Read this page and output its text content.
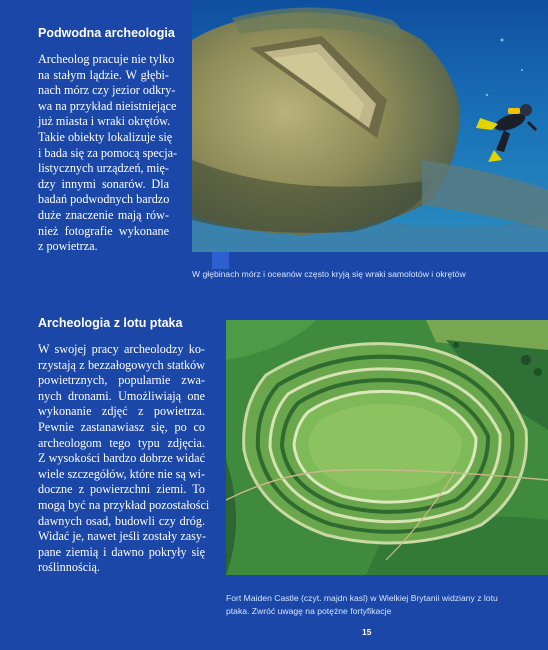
Podwodna archeologia
Archeolog pracuje nie tylko
na stałym lądzie. W głębi-
nach mórz czy jezior odkry-
wa na przykład nieistniejące
już miasta i wraki okrętów.
Takie obiekty lokalizuje się
i bada się za pomocą specja-
listycznych urządzeń, mię-
dzy innymi sonarów. Dla
badań podwodnych bardzo
duże znaczenie mają rów-
nież fotografie wykonane
z powietrza.
W głębinach mórz i oceanów często kryją się wraki samolotów i okrętów
Archeologia z lotu ptaka
W swojej pracy archeolodzy ko-
rzystają z bezzałogowych statków
powietrznych, popularnie zwa-
nych dronami. Umożliwiają one
wykonanie zdjęć z powietrza.
Pewnie zastanawiasz się, po co
archeologom tego typu zdjęcia.
Z wysokości bardzo dobrze widać
wiele szczegółów, które nie są wi-
doczne z powierzchni ziemi. To
mogą być na przykład pozostałości
dawnych osad, budowli czy dróg.
Widać je, nawet jeśli zostały zasy-
pane ziemią i dawno pokryły się
roślinnością.
Fort Maiden Castle (czyt. majdn kasl) w Wielkiej Brytanii widziany z lotu
ptaka. Zwróć uwagę na potężne fortyfikacje
15
